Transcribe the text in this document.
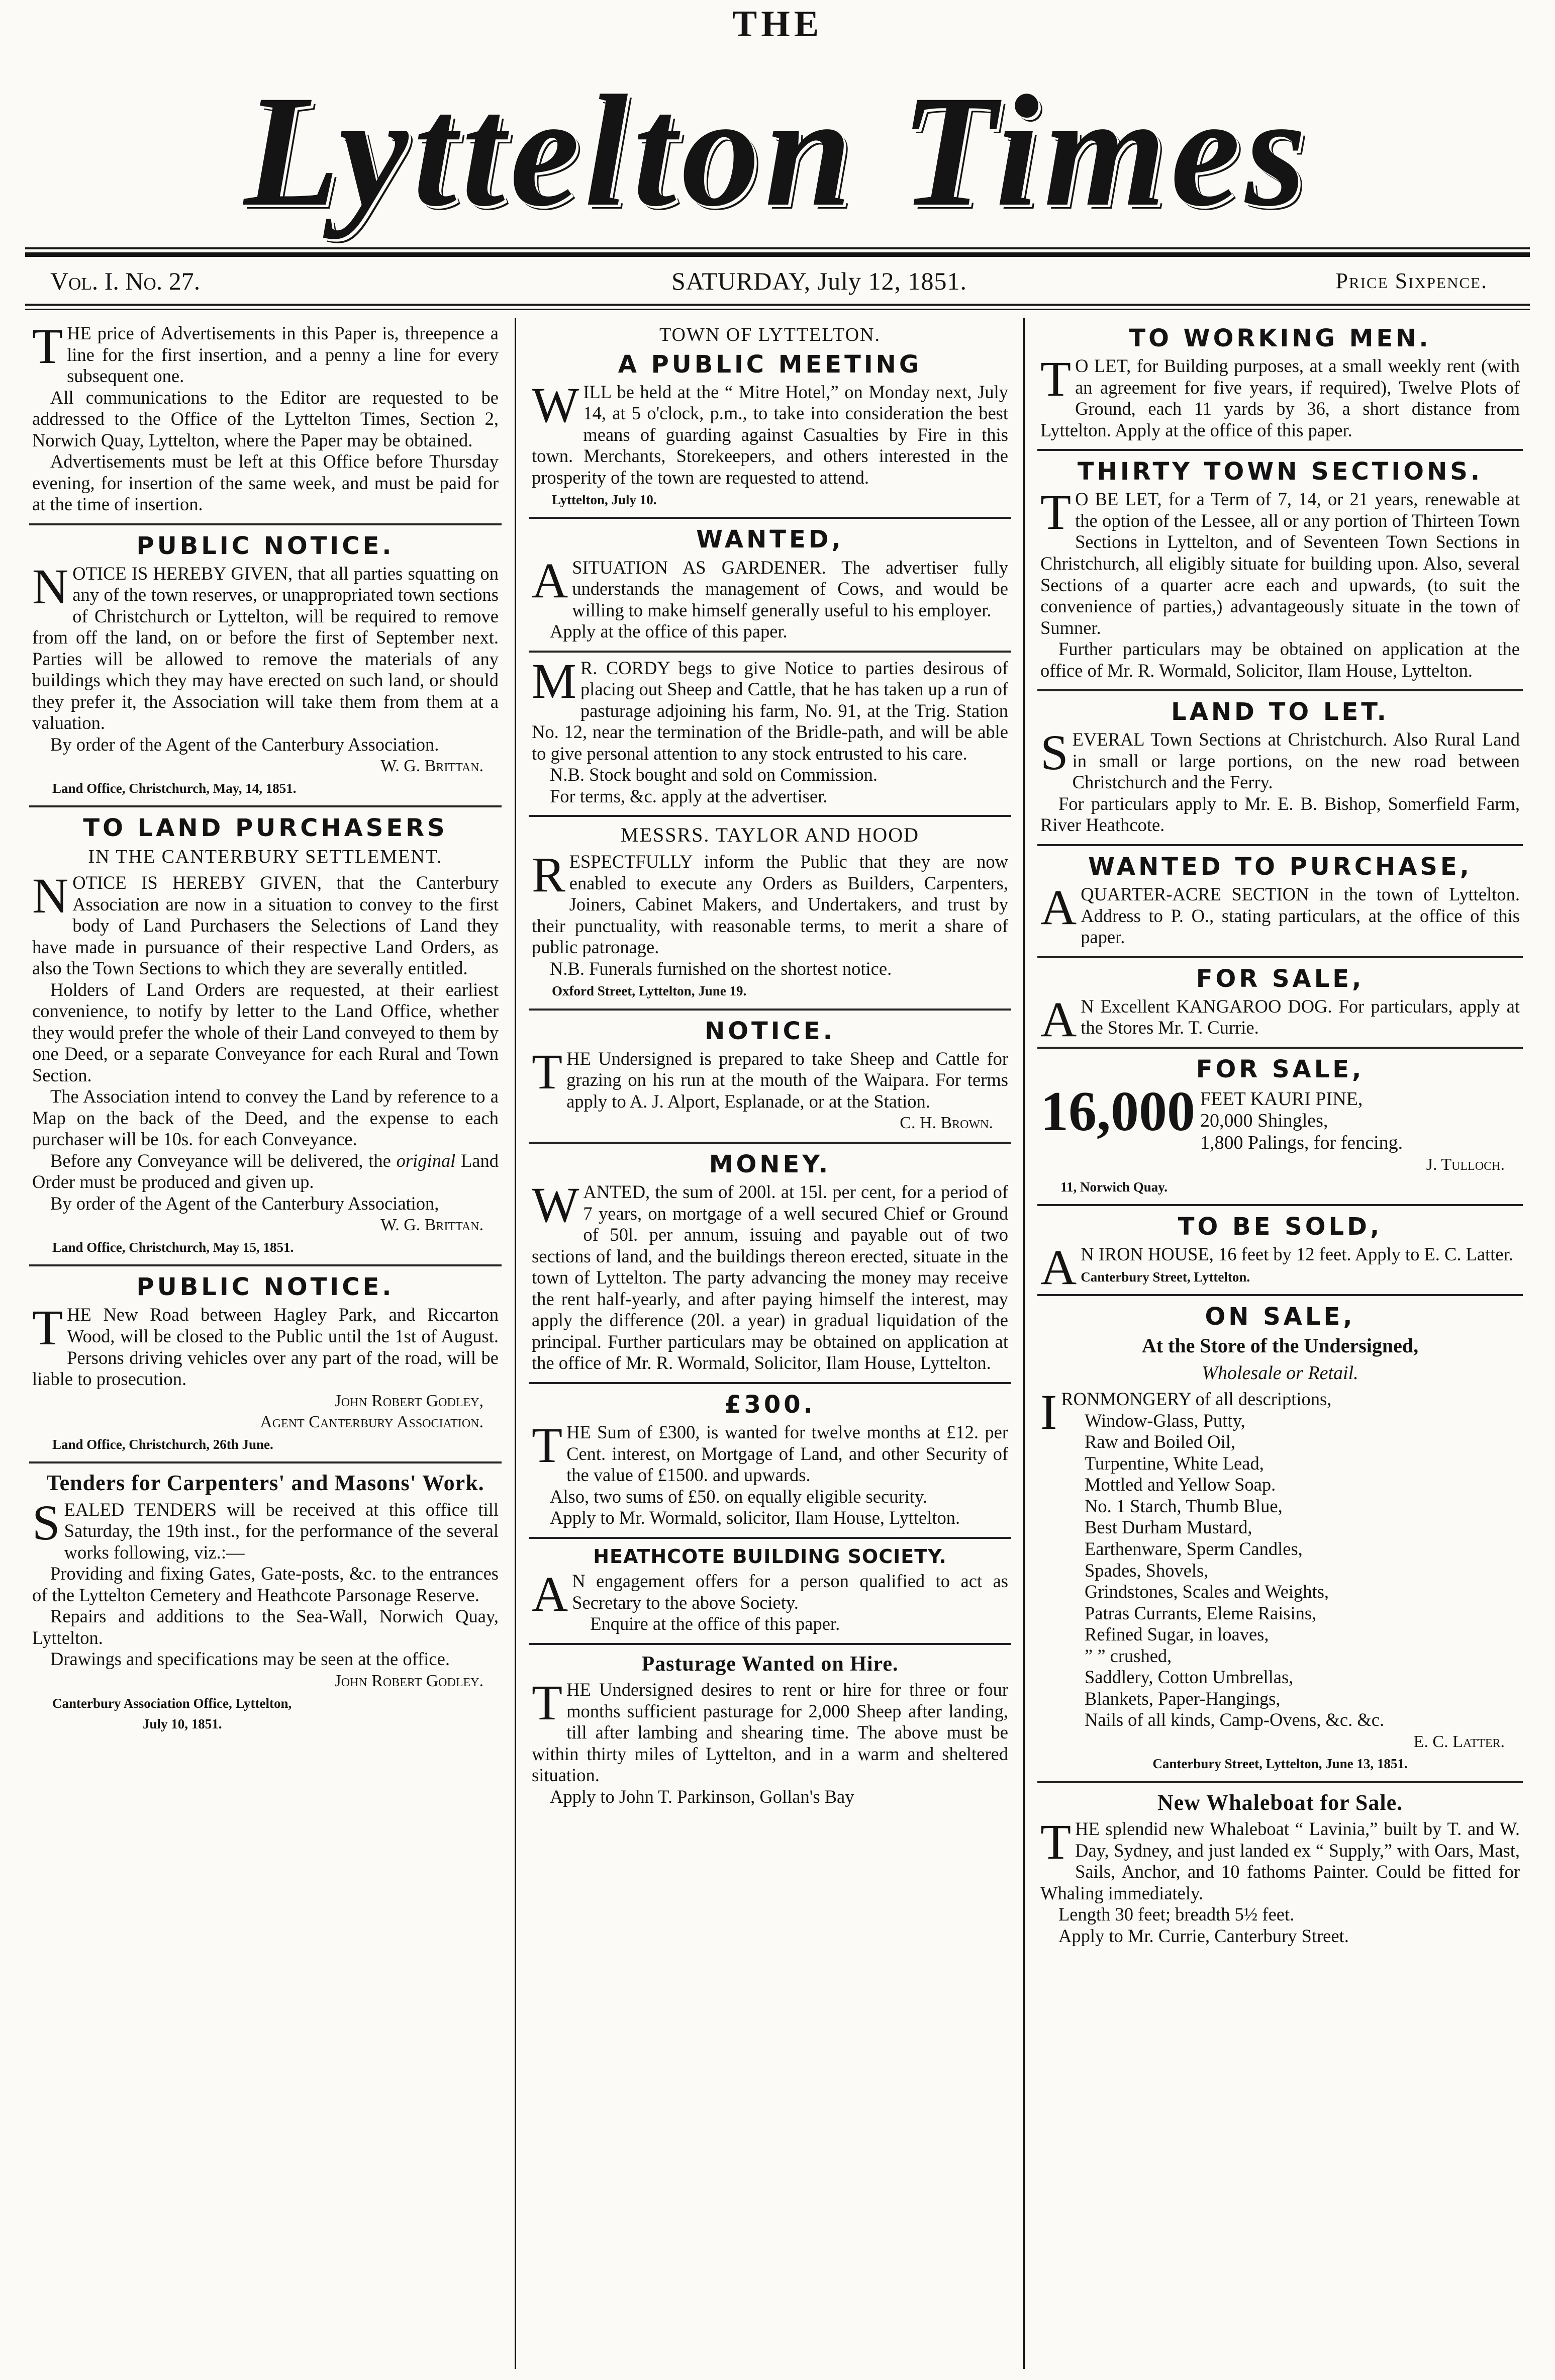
THE
Lyttelton Times
Vol. I. No. 27.	SATURDAY, July 12, 1851.	Price Sixpence.

THE price of Advertisements in this Paper is, threepence a line for the first insertion, and a penny a line for every subsequent one.

All communications to the Editor are requested to be addressed to the Office of the Lyttelton Times, Section 2, Norwich Quay, Lyttelton, where the Paper may be obtained.

Advertisements must be left at this Office before Thursday evening, for insertion of the same week, and must be paid for at the time of insertion.

PUBLIC NOTICE.

NOTICE IS HEREBY GIVEN, that all parties squatting on any of the town reserves, or unappropriated town sections of Christchurch or Lyttelton, will be required to remove from off the land, on or before the first of September next. Parties will be allowed to remove the materials of any buildings which they may have erected on such land, or should they prefer it, the Association will take them from them at a valuation.

By order of the Agent of the Canterbury Association.

W. G. Brittan.
Land Office, Christchurch, May, 14, 1851.
TO LAND PURCHASERS
IN THE CANTERBURY SETTLEMENT.

NOTICE IS HEREBY GIVEN, that the Canterbury Association are now in a situation to convey to the first body of Land Purchasers the Selections of Land they have made in pursuance of their respective Land Orders, as also the Town Sections to which they are severally entitled.

Holders of Land Orders are requested, at their earliest convenience, to notify by letter to the Land Office, whether they would prefer the whole of their Land conveyed to them by one Deed, or a separate Conveyance for each Rural and Town Section.

The Association intend to convey the Land by reference to a Map on the back of the Deed, and the expense to each purchaser will be 10s. for each Conveyance.

Before any Conveyance will be delivered, the original Land Order must be produced and given up.

By order of the Agent of the Canterbury Association,

W. G. Brittan.
Land Office, Christchurch, May 15, 1851.
PUBLIC NOTICE.

THE New Road between Hagley Park, and Riccarton Wood, will be closed to the Public until the 1st of August. Persons driving vehicles over any part of the road, will be liable to prosecution.

John Robert Godley,
Agent Canterbury Association.
Land Office, Christchurch, 26th June.
Tenders for Carpenters' and Masons' Work.

SEALED TENDERS will be received at this office till Saturday, the 19th inst., for the performance of the several works following, viz.:—

Providing and fixing Gates, Gate-posts, &c. to the entrances of the Lyttelton Cemetery and Heathcote Parsonage Reserve.

Repairs and additions to the Sea-Wall, Norwich Quay, Lyttelton.

Drawings and specifications may be seen at the office.

John Robert Godley.
Canterbury Association Office, Lyttelton,
July 10, 1851.
TOWN OF LYTTELTON.
A PUBLIC MEETING

WILL be held at the “ Mitre Hotel,” on Monday next, July 14, at 5 o'clock, p.m., to take into consideration the best means of guarding against Casualties by Fire in this town. Merchants, Storekeepers, and others interested in the prosperity of the town are requested to attend.

Lyttelton, July 10.
WANTED,

ASITUATION AS GARDENER. The advertiser fully understands the management of Cows, and would be willing to make himself generally useful to his employer.

Apply at the office of this paper.

M R. CORDY begs to give Notice to parties desirous of placing out Sheep and Cattle, that he has taken up a run of pasturage adjoining his farm, No. 91, at the Trig. Station No. 12, near the termination of the Bridle-path, and will be able to give personal attention to any stock entrusted to his care.

N.B. Stock bought and sold on Commission.

For terms, &c. apply at the advertiser.

MESSRS. TAYLOR AND HOOD

RESPECTFULLY inform the Public that they are now enabled to execute any Orders as Builders, Carpenters, Joiners, Cabinet Makers, and Undertakers, and trust by their punctuality, with reasonable terms, to merit a share of public patronage.

N.B. Funerals furnished on the shortest notice.

Oxford Street, Lyttelton, June 19.
NOTICE.

THE Undersigned is prepared to take Sheep and Cattle for grazing on his run at the mouth of the Waipara. For terms apply to A. J. Alport, Esplanade, or at the Station.

C. H. Brown.
MONEY.

WANTED, the sum of 200l. at 15l. per cent, for a period of 7 years, on mortgage of a well secured Chief or Ground of 50l. per annum, issuing and payable out of two sections of land, and the buildings thereon erected, situate in the town of Lyttelton. The party advancing the money may receive the rent half-yearly, and after paying himself the interest, may apply the difference (20l. a year) in gradual liquidation of the principal. Further particulars may be obtained on application at the office of Mr. R. Wormald, Solicitor, Ilam House, Lyttelton.

£300.

THE Sum of £300, is wanted for twelve months at £12. per Cent. interest, on Mortgage of Land, and other Security of the value of £1500. and upwards.

Also, two sums of £50. on equally eligible security.

Apply to Mr. Wormald, solicitor, Ilam House, Lyttelton.

HEATHCOTE BUILDING SOCIETY.

A N engagement offers for a person qualified to act as Secretary to the above Society.

Enquire at the office of this paper.

Pasturage Wanted on Hire.

THE Undersigned desires to rent or hire for three or four months sufficient pasturage for 2,000 Sheep after landing, till after lambing and shearing time. The above must be within thirty miles of Lyttelton, and in a warm and sheltered situation.

Apply to John T. Parkinson, Gollan's Bay

TO WORKING MEN.

T O LET, for Building purposes, at a small weekly rent (with an agreement for five years, if required), Twelve Plots of Ground, each 11 yards by 36, a short distance from Lyttelton. Apply at the office of this paper.

THIRTY TOWN SECTIONS.

T O BE LET, for a Term of 7, 14, or 21 years, renewable at the option of the Lessee, all or any portion of Thirteen Town Sections in Lyttelton, and of Seventeen Town Sections in Christchurch, all eligibly situate for building upon. Also, several Sections of a quarter acre each and upwards, (to suit the convenience of parties,) advantageously situate in the town of Sumner.

Further particulars may be obtained on application at the office of Mr. R. Wormald, Solicitor, Ilam House, Lyttelton.

LAND TO LET.

SEVERAL Town Sections at Christchurch. Also Rural Land in small or large portions, on the new road between Christchurch and the Ferry.

For particulars apply to Mr. E. B. Bishop, Somerfield Farm, River Heathcote.

WANTED TO PURCHASE,

AQUARTER-ACRE SECTION in the town of Lyttelton. Address to P. O., stating particulars, at the office of this paper.

FOR SALE,

A N Excellent KANGAROO DOG. For particulars, apply at the Stores Mr. T. Currie.

FOR SALE,
16,000 FEET KAURI PINE,
20,000 Shingles,
1,800 Palings, for fencing.
J. Tulloch.
11, Norwich Quay.
TO BE SOLD,

A N IRON HOUSE, 16 feet by 12 feet. Apply to E. C. Latter.

Canterbury Street, Lyttelton.
ON SALE,
At the Store of the Undersigned,
Wholesale or Retail.

IRONMONGERY of all descriptions,

Window-Glass, Putty,
Raw and Boiled Oil,
Turpentine, White Lead,
Mottled and Yellow Soap.
No. 1 Starch, Thumb Blue,
Best Durham Mustard,
Earthenware, Sperm Candles,
Spades, Shovels,
Grindstones, Scales and Weights,
Patras Currants, Eleme Raisins,
Refined Sugar, in loaves,
” ” crushed,
Saddlery, Cotton Umbrellas,
Blankets, Paper-Hangings,
Nails of all kinds, Camp-Ovens, &c. &c.
E. C. Latter.
Canterbury Street, Lyttelton, June 13, 1851.
New Whaleboat for Sale.

THE splendid new Whaleboat “ Lavinia,” built by T. and W. Day, Sydney, and just landed ex “ Supply,” with Oars, Mast, Sails, Anchor, and 10 fathoms Painter. Could be fitted for Whaling immediately.

Length 30 feet; breadth 5½ feet.

Apply to Mr. Currie, Canterbury Street.
